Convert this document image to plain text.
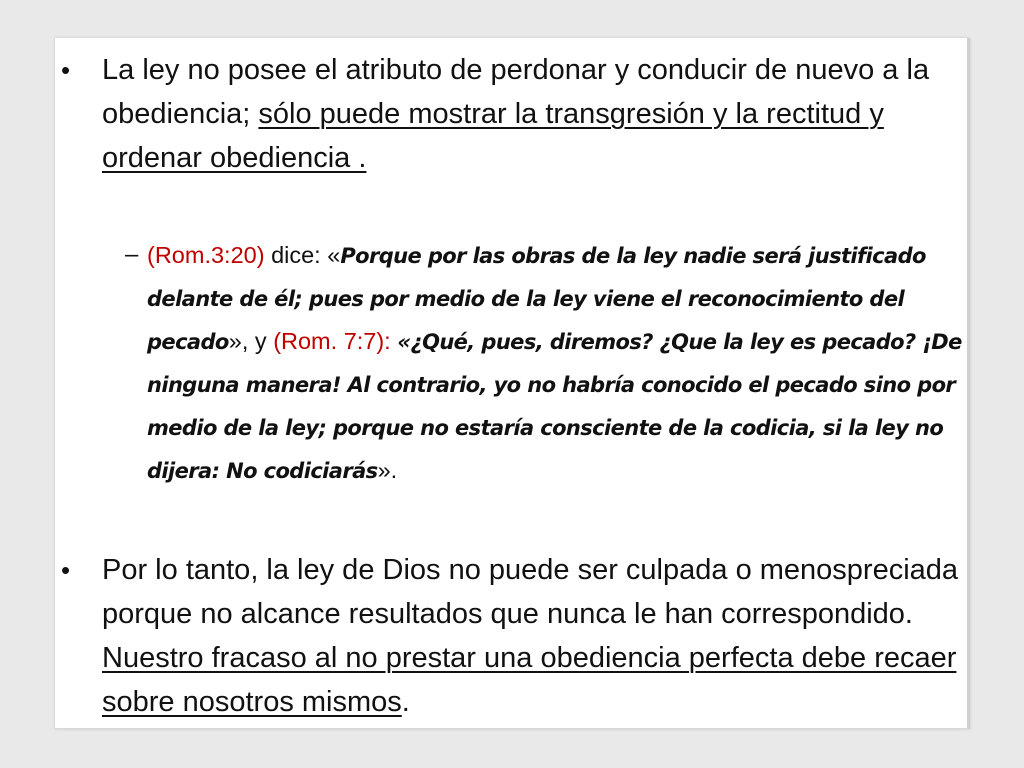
• La ley no posee el atributo de perdonar y conducir de nuevo a la obediencia; sólo puede mostrar la transgresión y la rectitud y ordenar obediencia .
– (Rom.3:20) dice: «Porque por las obras de la ley nadie será justificado delante de él; pues por medio de la ley viene el reconocimiento del pecado», y (Rom. 7:7): «¿Qué, pues, diremos? ¿Que la ley es pecado? ¡De ninguna manera! Al contrario, yo no habría conocido el pecado sino por medio de la ley; porque no estaría consciente de la codicia, si la ley no dijera: No codiciarás».
• Por lo tanto, la ley de Dios no puede ser culpada o menospreciada porque no alcance resultados que nunca le han correspondido. Nuestro fracaso al no prestar una obediencia perfecta debe recaer sobre nosotros mismos.
